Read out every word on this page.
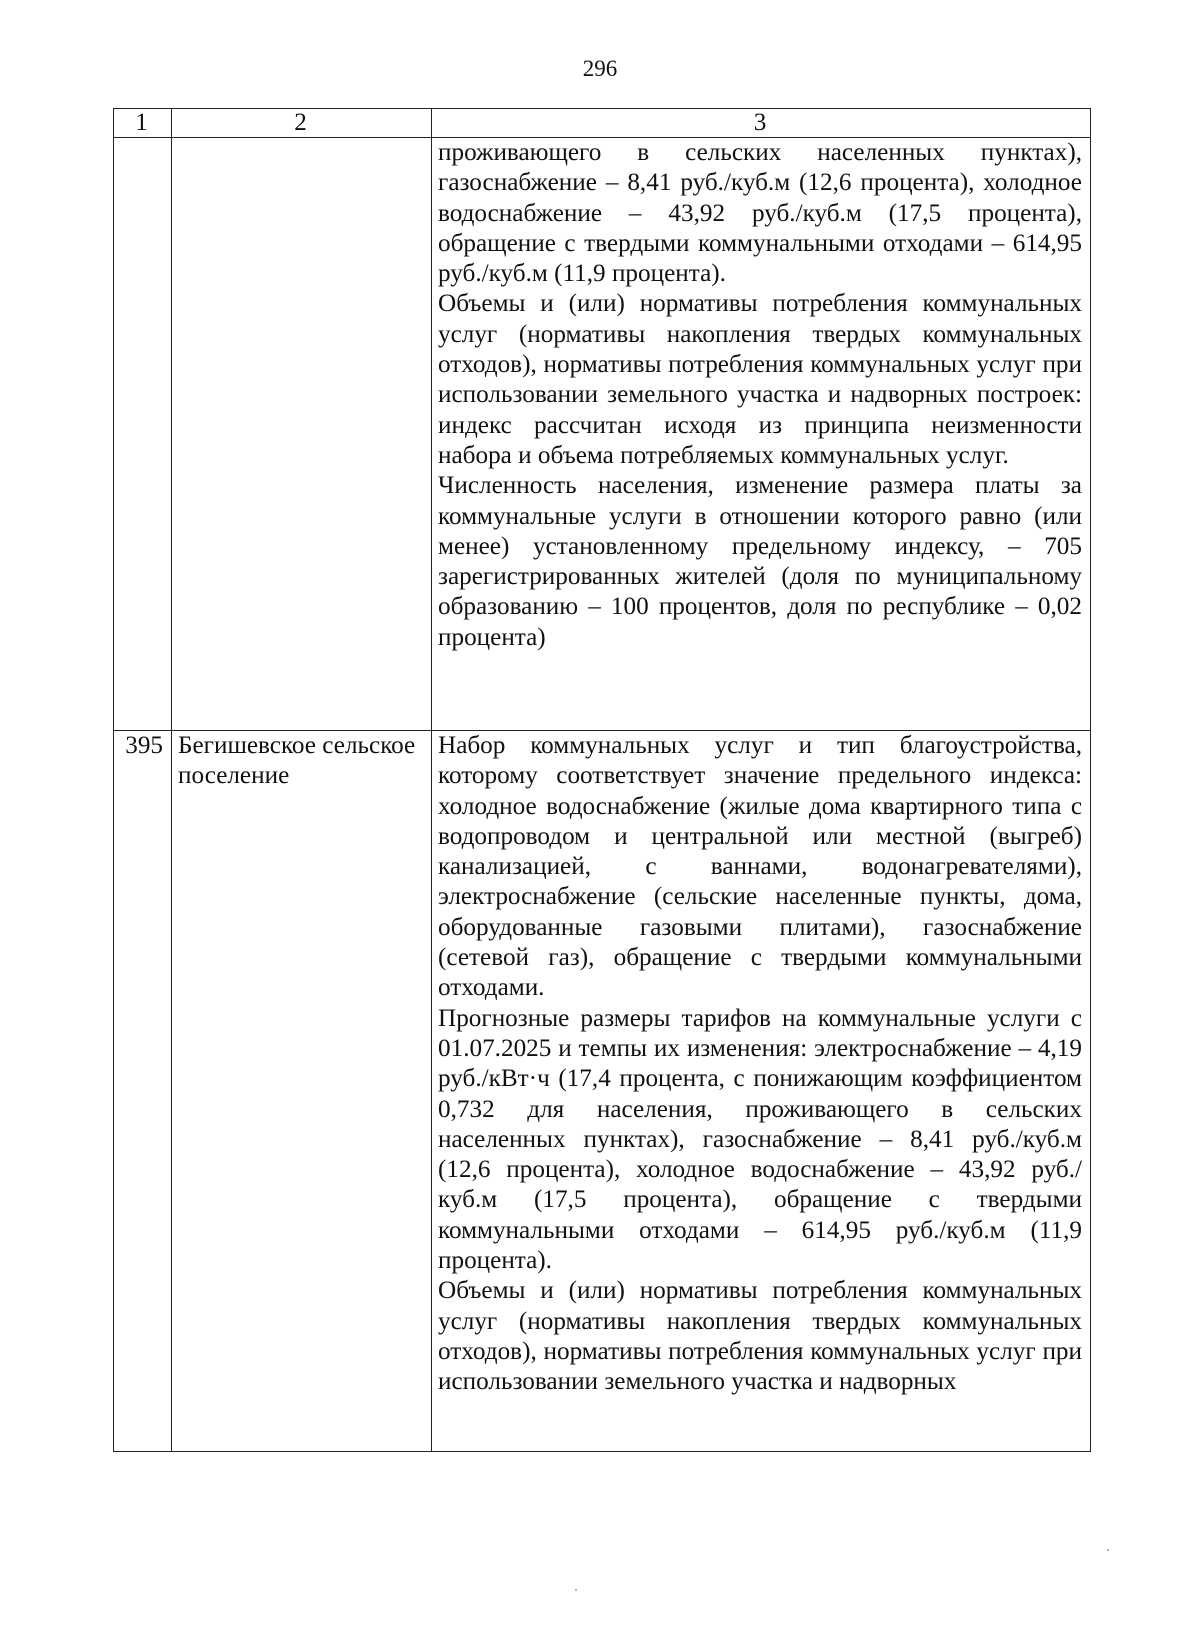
296
1	2	3

		проживающего в сельских населенных пунктах), газоснабжение – 8,41 руб./куб.м (12,6 процента), холодное водоснабжение – 43,92 руб./куб.м (17,5 процента), обращение с твердыми коммунальными отходами – 614,95 руб./куб.м (11,9 процента).

Объемы и (или) нормативы потребления коммунальных услуг (нормативы накопления твердых коммунальных отходов), нормативы потребления коммунальных услуг при использовании земельного участка и надворных построек: индекс рассчитан исходя из принципа неизменности набора и объема потребляемых коммунальных услуг.

Численность населения, изменение размера платы за коммунальные услуги в отношении которого равно (или менее) установленному предельному индексу, – 705 зарегистрированных жителей (доля по муниципальному образованию – 100 процентов, доля по республике – 0,02 процента)

395	Бегишевское сельское поселение	Набор коммунальных услуг и тип благоустройства, которому соответствует значение предельного индекса: холодное водоснабжение (жилые дома квартирного типа с водопроводом и центральной или местной (выгреб) канализацией, с ваннами, водонагревателями), электроснабжение (сельские населенные пункты, дома, оборудованные газовыми плитами), газоснабжение (сетевой газ), обращение с твердыми коммунальными отходами.

Прогнозные размеры тарифов на коммунальные услуги с 01.07.2025 и темпы их изменения: электроснабжение – 4,19 руб./кВт·ч (17,4 процента, с понижающим коэффициентом 0,732 для населения, проживающего в сельских населенных пунктах), газоснабжение – 8,41 руб./куб.м (12,6 процента), холодное водоснабжение – 43,92 руб./куб.м (17,5 процента), обращение с твердыми коммунальными отходами – 614,95 руб./куб.м (11,9 процента).

Объемы и (или) нормативы потребления коммунальных услуг (нормативы накопления твердых коммунальных отходов), нормативы потребления коммунальных услуг при использовании земельного участка и надворных
